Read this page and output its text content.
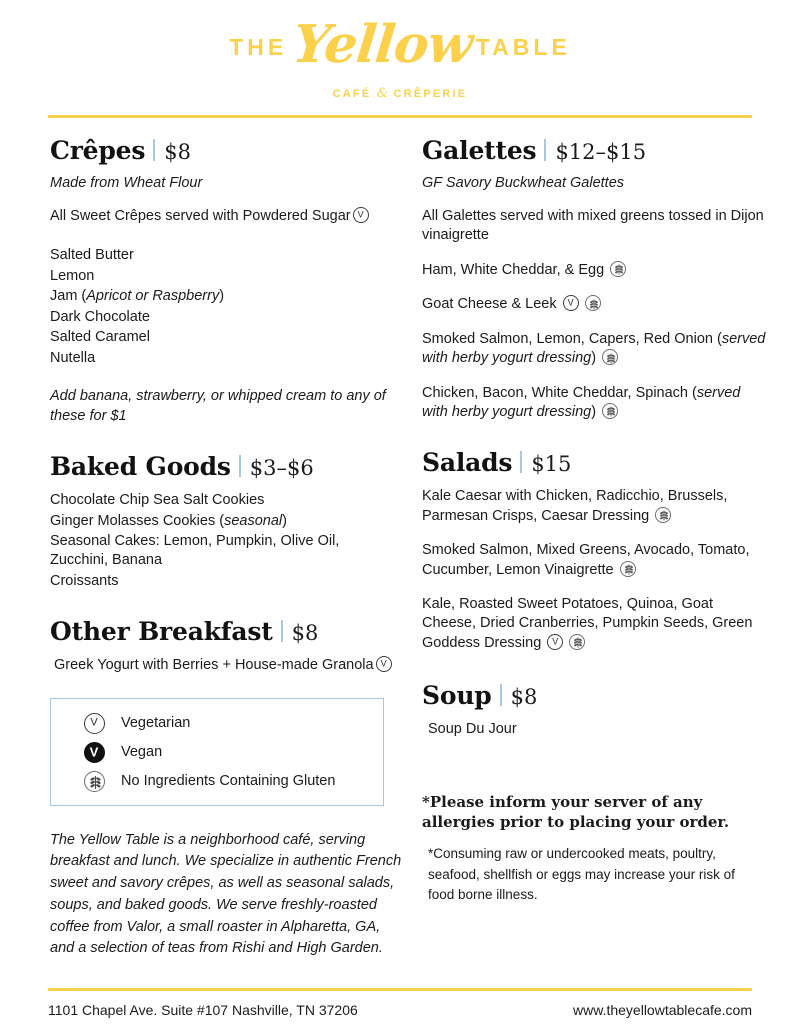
THE Yellow TABLE
CAFÉ & CRÊPERIE
Crêpes $8
Made from Wheat Flour
All Sweet Crêpes served with Powdered SugarV
Salted Butter
Lemon
Jam (Apricot or Raspberry)
Dark Chocolate
Salted Caramel
Nutella
Add banana, strawberry, or whipped cream to any of these for $1
Baked Goods $3–$6
Chocolate Chip Sea Salt Cookies
Ginger Molasses Cookies (seasonal)
Seasonal Cakes: Lemon, Pumpkin, Olive Oil, Zucchini, Banana
Croissants
Other Breakfast $8
Greek Yogurt with Berries + House-made GranolaV
V
Vegetarian
V
Vegan
No Ingredients Containing Gluten
The Yellow Table is a neighborhood café, serving breakfast and lunch. We specialize in authentic French sweet and savory crêpes, as well as seasonal salads, soups, and baked goods. We serve freshly-roasted coffee from Valor, a small roaster in Alpharetta, GA, and a selection of teas from Rishi and High Garden.
Galettes $12–$15
GF Savory Buckwheat Galettes
All Galettes served with mixed greens tossed in Dijon vinaigrette
Ham, White Cheddar, & Egg
Goat Cheese & Leek V
Smoked Salmon, Lemon, Capers, Red Onion (served with herby yogurt dressing)
Chicken, Bacon, White Cheddar, Spinach (served with herby yogurt dressing)
Salads $15
Kale Caesar with Chicken, Radicchio, Brussels, Parmesan Crisps, Caesar Dressing
Smoked Salmon, Mixed Greens, Avocado, Tomato, Cucumber, Lemon Vinaigrette
Kale, Roasted Sweet Potatoes, Quinoa, Goat Cheese, Dried Cranberries, Pumpkin Seeds, Green Goddess Dressing V
Soup $8
Soup Du Jour
*Please inform your server of any allergies prior to placing your order.
*Consuming raw or undercooked meats, poultry, seafood, shellfish or eggs may increase your risk of food borne illness.
1101 Chapel Ave. Suite #107 Nashville, TN 37206	www.theyellowtablecafe.com
